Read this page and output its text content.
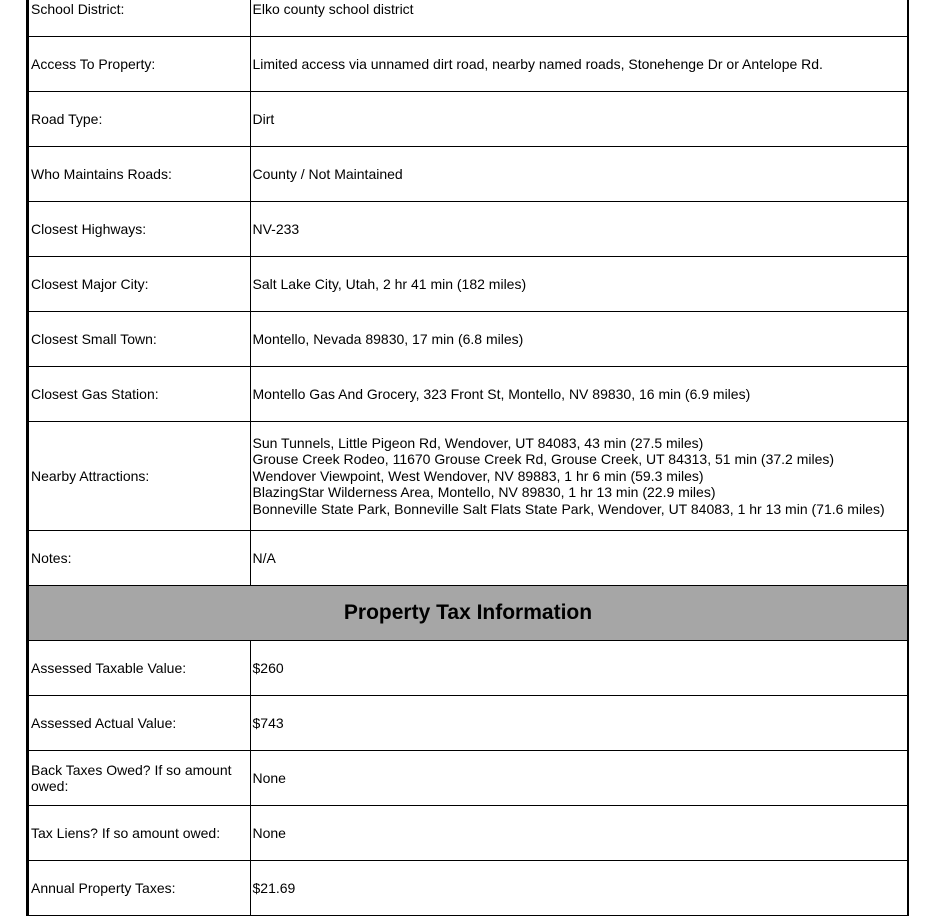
School District:	Elko county school district
Access To Property:	Limited access via unnamed dirt road, nearby named roads, Stonehenge Dr or Antelope Rd.
Road Type:	Dirt
Who Maintains Roads:	County / Not Maintained
Closest Highways:	NV-233
Closest Major City:	Salt Lake City, Utah, 2 hr 41 min (182 miles)
Closest Small Town:	Montello, Nevada 89830, 17 min (6.8 miles)
Closest Gas Station:	Montello Gas And Grocery, 323 Front St, Montello, NV 89830, 16 min (6.9 miles)
Nearby Attractions:	Sun Tunnels, Little Pigeon Rd, Wendover, UT 84083, 43 min (27.5 miles)
Grouse Creek Rodeo, 11670 Grouse Creek Rd, Grouse Creek, UT 84313, 51 min (37.2 miles)
Wendover Viewpoint, West Wendover, NV 89883, 1 hr 6 min (59.3 miles)
BlazingStar Wilderness Area, Montello, NV 89830, 1 hr 13 min (22.9 miles)
Bonneville State Park, Bonneville Salt Flats State Park, Wendover, UT 84083, 1 hr 13 min (71.6 miles)

Notes:	N/A
Property Tax Information	
Assessed Taxable Value:	$260
Assessed Actual Value:	$743
Back Taxes Owed? If so amount owed:	None
Tax Liens? If so amount owed:	None
Annual Property Taxes:	$21.69
